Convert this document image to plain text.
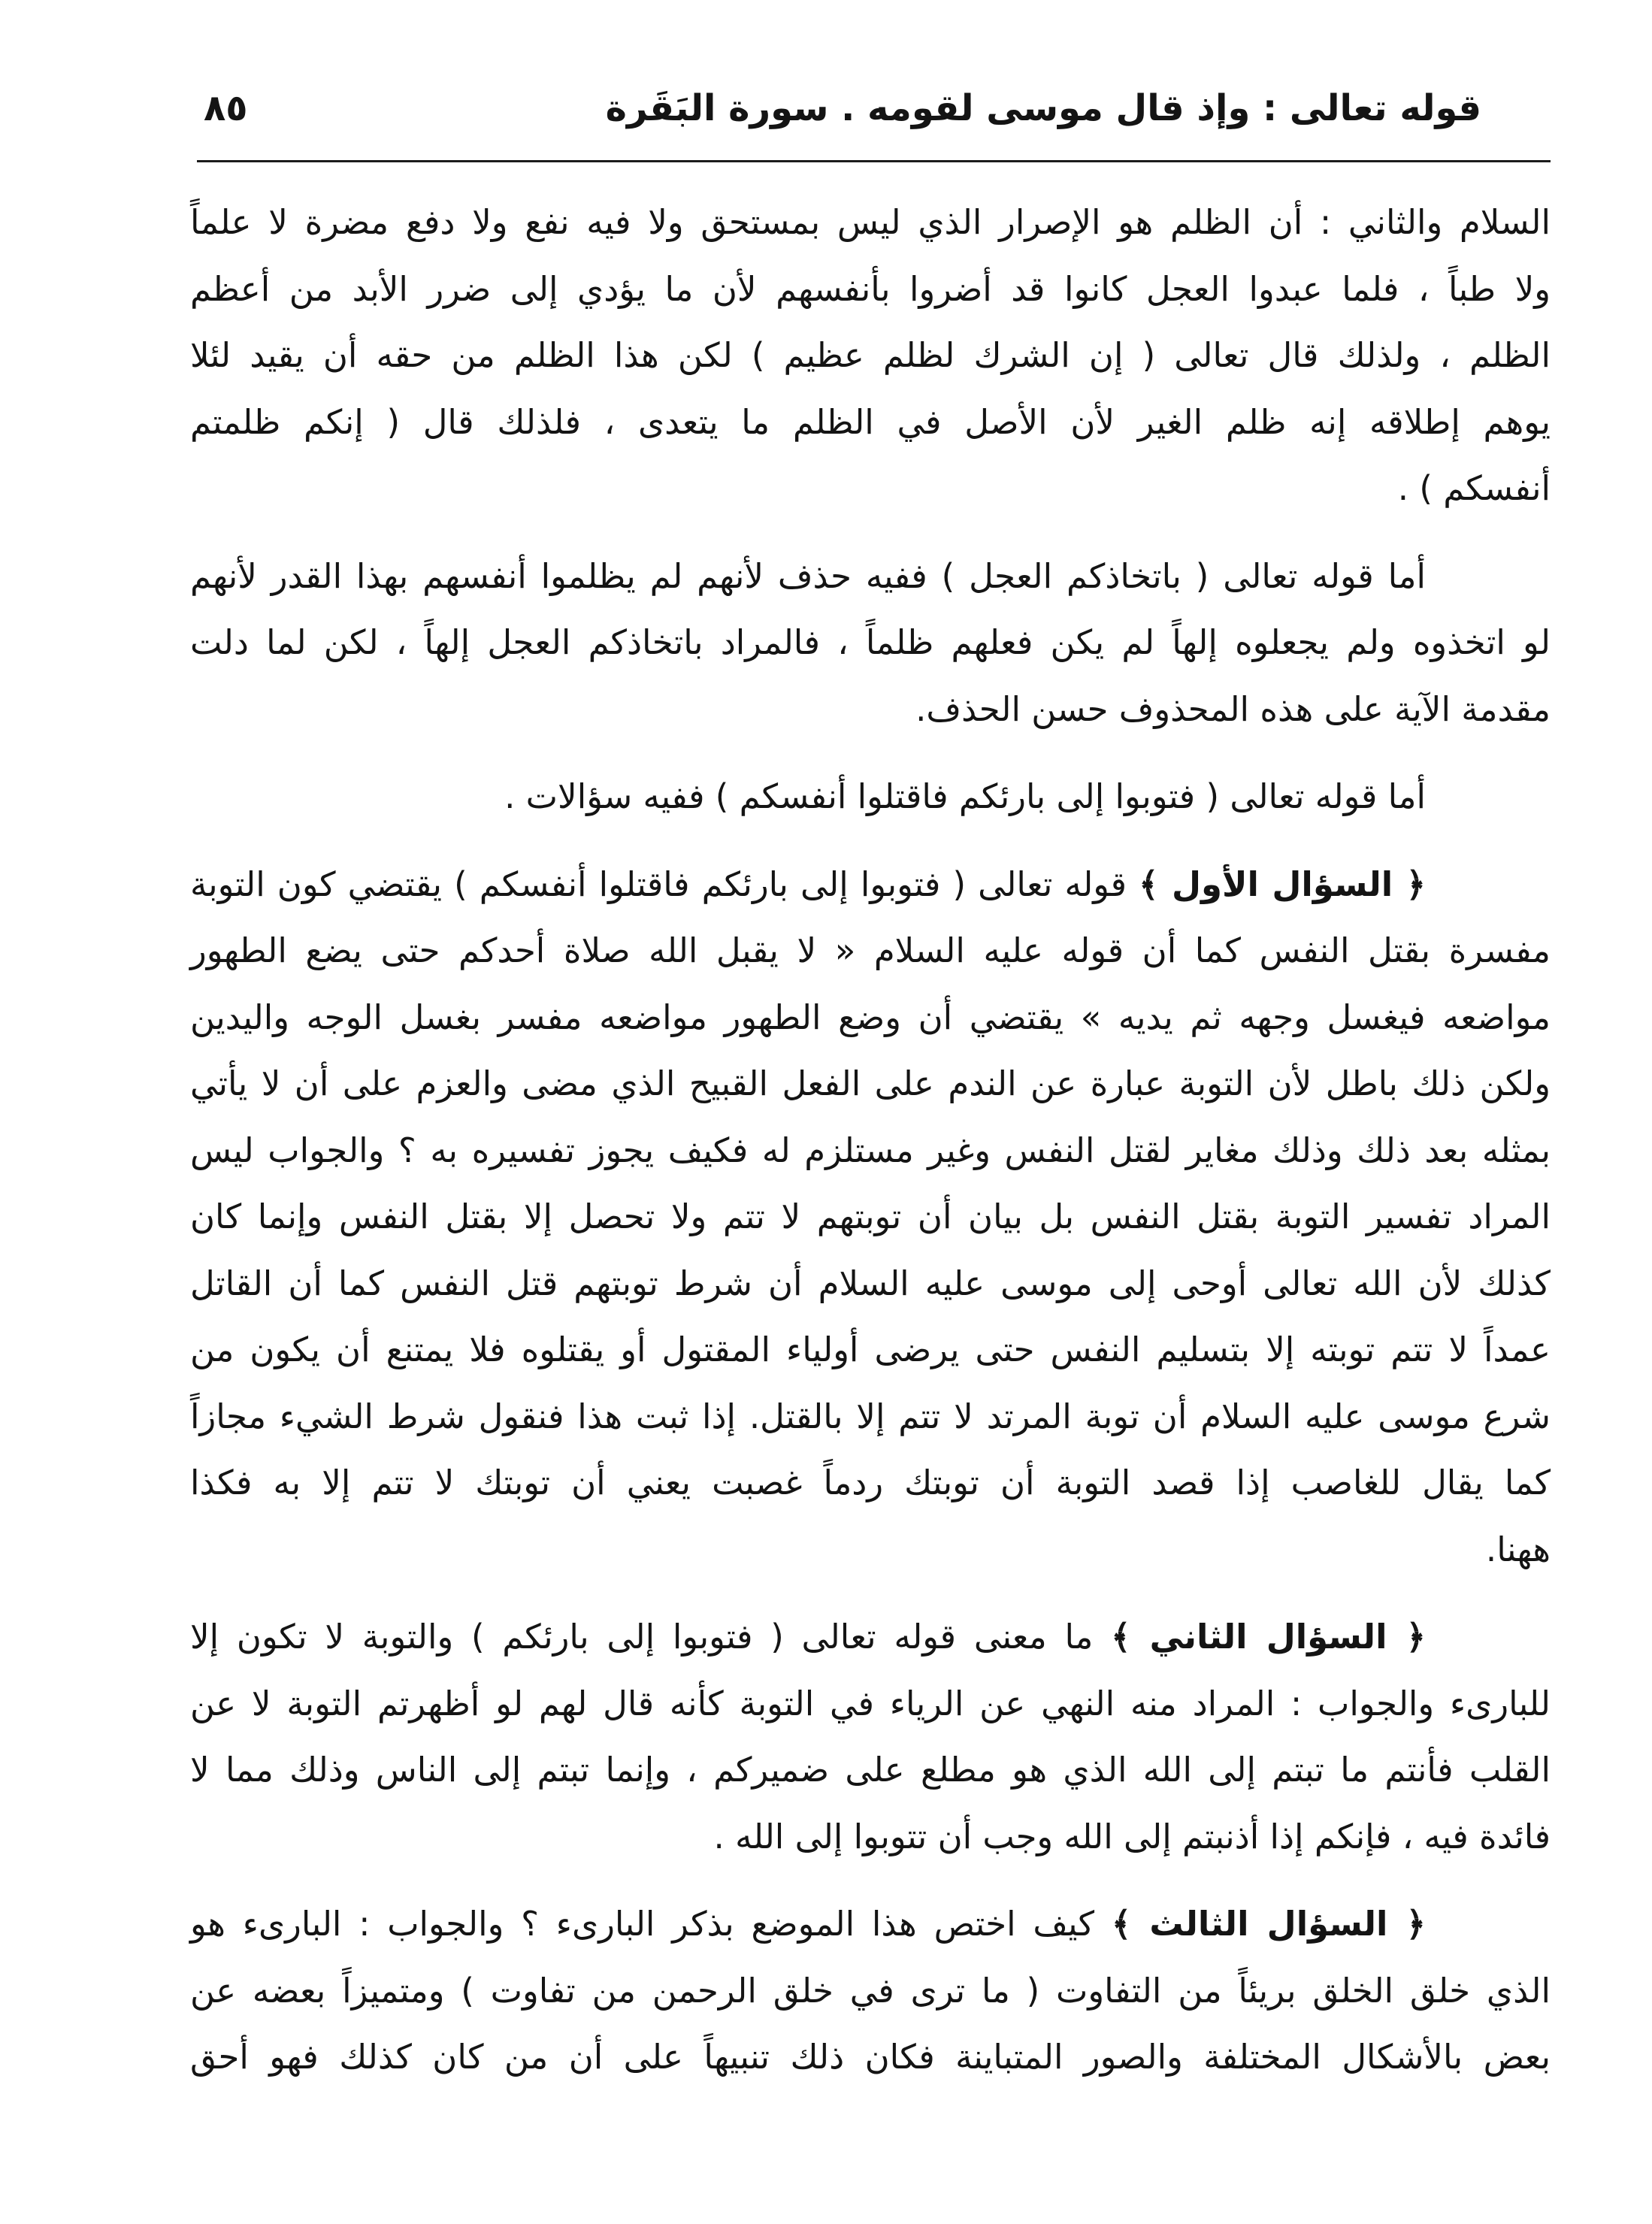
قوله تعالى : وإذ قال موسى لقومه . سورة البَقَرة
٨٥
السلام والثاني : أن الظلم هو الإصرار الذي ليس بمستحق ولا فيه نفع ولا دفع مضرة لا علماً
ولا طباً ، فلما عبدوا العجل كانوا قد أضروا بأنفسهم لأن ما يؤدي إلى ضرر الأبد من أعظم
الظلم ، ولذلك قال تعالى ( إن الشرك لظلم عظيم ) لكن هذا الظلم من حقه أن يقيد لئلا
يوهم إطلاقه إنه ظلم الغير لأن الأصل في الظلم ما يتعدى ، فلذلك قال ( إنكم ظلمتم
أنفسكم ) .
أما قوله تعالى ( باتخاذكم العجل ) ففيه حذف لأنهم لم يظلموا أنفسهم بهذا القدر لأنهم
لو اتخذوه ولم يجعلوه إلهاً لم يكن فعلهم ظلماً ، فالمراد باتخاذكم العجل إلهاً ، لكن لما دلت
مقدمة الآية على هذه المحذوف حسن الحذف.
أما قوله تعالى ( فتوبوا إلى بارئكم فاقتلوا أنفسكم ) ففيه سؤالات .
﴿ السؤال الأول ﴾ قوله تعالى ( فتوبوا إلى بارئكم فاقتلوا أنفسكم ) يقتضي كون التوبة
مفسرة بقتل النفس كما أن قوله عليه السلام « لا يقبل الله صلاة أحدكم حتى يضع الطهور
مواضعه فيغسل وجهه ثم يديه » يقتضي أن وضع الطهور مواضعه مفسر بغسل الوجه واليدين
ولكن ذلك باطل لأن التوبة عبارة عن الندم على الفعل القبيح الذي مضى والعزم على أن لا يأتي
بمثله بعد ذلك وذلك مغاير لقتل النفس وغير مستلزم له فكيف يجوز تفسيره به ؟ والجواب ليس
المراد تفسير التوبة بقتل النفس بل بيان أن توبتهم لا تتم ولا تحصل إلا بقتل النفس وإنما كان
كذلك لأن الله تعالى أوحى إلى موسى عليه السلام أن شرط توبتهم قتل النفس كما أن القاتل
عمداً لا تتم توبته إلا بتسليم النفس حتى يرضى أولياء المقتول أو يقتلوه فلا يمتنع أن يكون من
شرع موسى عليه السلام أن توبة المرتد لا تتم إلا بالقتل. إذا ثبت هذا فنقول شرط الشيء مجازاً
كما يقال للغاصب إذا قصد التوبة أن توبتك ردماً غصبت يعني أن توبتك لا تتم إلا به فكذا
ههنا.
﴿ السؤال الثاني ﴾ ما معنى قوله تعالى ( فتوبوا إلى بارئكم ) والتوبة لا تكون إلا
للبارىء والجواب : المراد منه النهي عن الرياء في التوبة كأنه قال لهم لو أظهرتم التوبة لا عن
القلب فأنتم ما تبتم إلى الله الذي هو مطلع على ضميركم ، وإنما تبتم إلى الناس وذلك مما لا
فائدة فيه ، فإنكم إذا أذنبتم إلى الله وجب أن تتوبوا إلى الله .
﴿ السؤال الثالث ﴾ كيف اختص هذا الموضع بذكر البارىء ؟ والجواب : البارىء هو
الذي خلق الخلق بريئاً من التفاوت ( ما ترى في خلق الرحمن من تفاوت ) ومتميزاً بعضه عن
بعض بالأشكال المختلفة والصور المتباينة فكان ذلك تنبيهاً على أن من كان كذلك فهو أحق
